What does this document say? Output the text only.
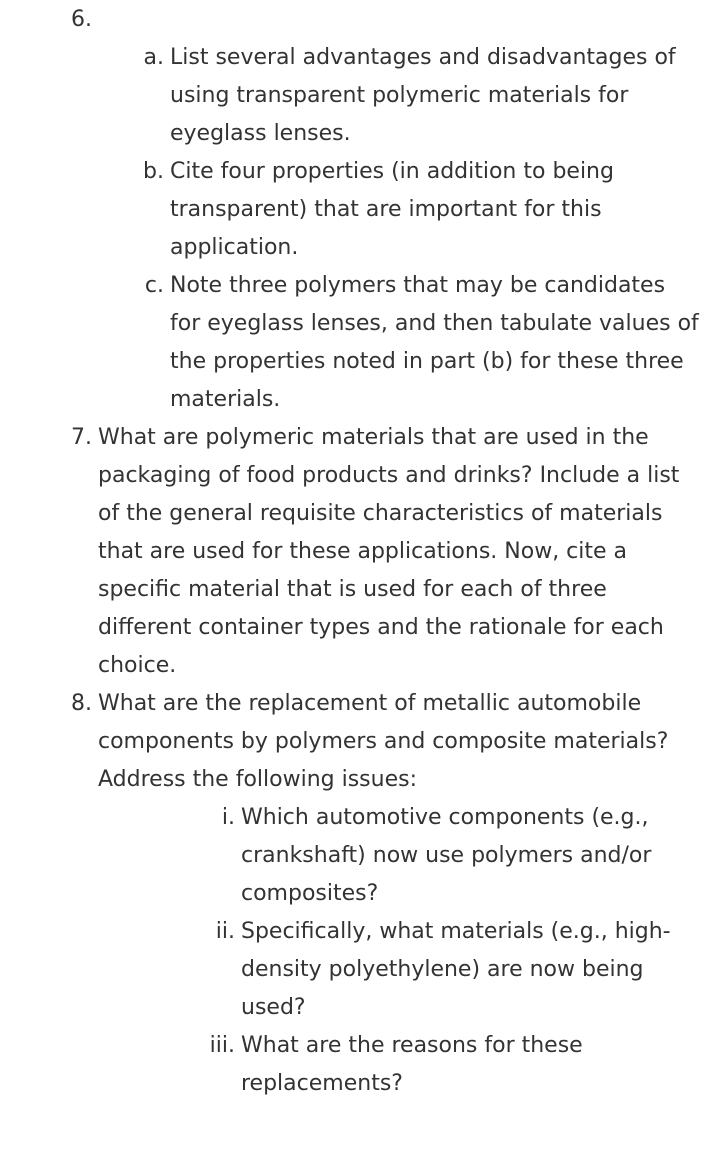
6.
a. List several advantages and disadvantages of
using transparent polymeric materials for
eyeglass lenses.
b. Cite four properties (in addition to being
transparent) that are important for this
application.
c. Note three polymers that may be candidates
for eyeglass lenses, and then tabulate values of
the properties noted in part (b) for these three
materials.
7. What are polymeric materials that are used in the
packaging of food products and drinks? Include a list
of the general requisite characteristics of materials
that are used for these applications. Now, cite a
specific material that is used for each of three
different container types and the rationale for each
choice.
8. What are the replacement of metallic automobile
components by polymers and composite materials?
Address the following issues:
i. Which automotive components (e.g.,
crankshaft) now use polymers and/or
composites?
ii. Specifically, what materials (e.g., high-
density polyethylene) are now being
used?
iii. What are the reasons for these
replacements?
